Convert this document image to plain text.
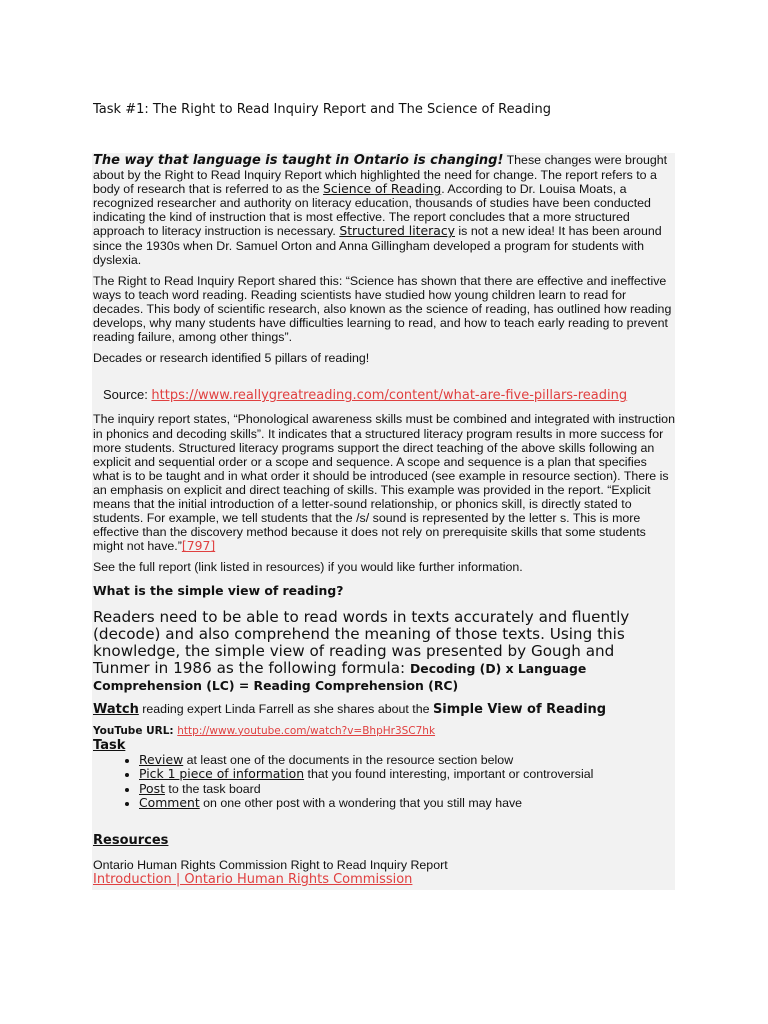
Task #1: The Right to Read Inquiry Report and The Science of Reading

The way that language is taught in Ontario is changing! These changes were brought about by the Right to Read Inquiry Report which highlighted the need for change. The report refers to a body of research that is referred to as the Science of Reading. According to Dr. Louisa Moats, a recognized researcher and authority on literacy education, thousands of studies have been conducted indicating the kind of instruction that is most effective. The report concludes that a more structured approach to literacy instruction is necessary. Structured literacy is not a new idea! It has been around since the 1930s when Dr. Samuel Orton and Anna Gillingham developed a program for students with dyslexia.

The Right to Read Inquiry Report shared this: “Science has shown that there are effective and ineffective ways to teach word reading. Reading scientists have studied how young children learn to read for decades. This body of scientific research, also known as the science of reading, has outlined how reading develops, why many students have difficulties learning to read, and how to teach early reading to prevent reading failure, among other things”.

Decades or research identified 5 pillars of reading!

Source: https://www.reallygreatreading.com/content/what-are-five-pillars-reading

The inquiry report states, “Phonological awareness skills must be combined and integrated with instruction in phonics and decoding skills”. It indicates that a structured literacy program results in more success for more students. Structured literacy programs support the direct teaching of the above skills following an explicit and sequential order or a scope and sequence. A scope and sequence is a plan that specifies what is to be taught and in what order it should be introduced (see example in resource section). There is an emphasis on explicit and direct teaching of skills. This example was provided in the report. “Explicit means that the initial introduction of a letter-sound relationship, or phonics skill, is directly stated to students. For example, we tell students that the /s/ sound is represented by the letter s. This is more effective than the discovery method because it does not rely on prerequisite skills that some students might not have.”[797]

See the full report (link listed in resources) if you would like further information.

What is the simple view of reading?

Readers need to be able to read words in texts accurately and fluently (decode) and also comprehend the meaning of those texts. Using this knowledge, the simple view of reading was presented by Gough and Tunmer in 1986 as the following formula: Decoding (D) x Language Comprehension (LC) = Reading Comprehension (RC)

Watch reading expert Linda Farrell as she shares about the Simple View of Reading

YouTube URL: http://www.youtube.com/watch?v=BhpHr3SC7hk

Task

• Review at least one of the documents in the resource section below
• Pick 1 piece of information that you found interesting, important or controversial
• Post to the task board
• Comment on one other post with a wondering that you still may have

Resources

Ontario Human Rights Commission Right to Read Inquiry Report

Introduction | Ontario Human Rights Commission
